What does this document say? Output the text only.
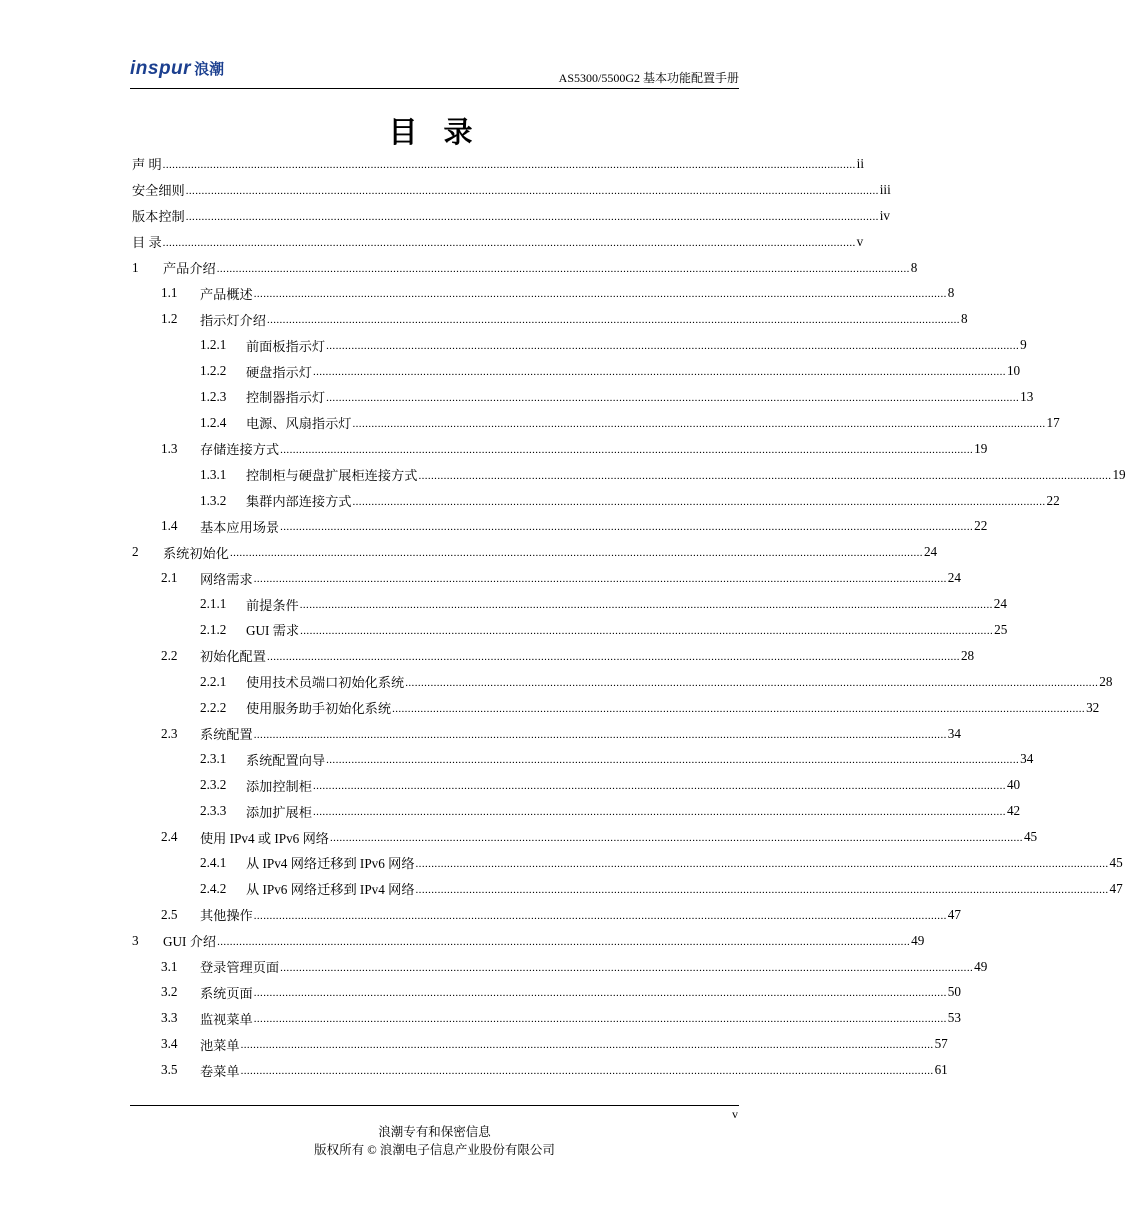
inspur 浪潮	AS5300/5500G2 基本功能配置手册
目 录
声 明 ............................................................................................................................................................................................................................ ii
安全细则 ............................................................................................................................................................................................................................ iii
版本控制 ............................................................................................................................................................................................................................ iv
目 录 ............................................................................................................................................................................................................................ v
1	产品介绍 ............................................................................................................................................................................................................................ 8
1.1	产品概述 ............................................................................................................................................................................................................................ 8
1.2	指示灯介绍 ............................................................................................................................................................................................................................ 8
1.2.1	前面板指示灯 ............................................................................................................................................................................................................................ 9
1.2.2	硬盘指示灯 ............................................................................................................................................................................................................................ 10
1.2.3	控制器指示灯 ............................................................................................................................................................................................................................ 13
1.2.4	电源、风扇指示灯 ............................................................................................................................................................................................................................ 17
1.3	存储连接方式 ............................................................................................................................................................................................................................ 19
1.3.1	控制柜与硬盘扩展柜连接方式 ............................................................................................................................................................................................................................ 19
1.3.2	集群内部连接方式 ............................................................................................................................................................................................................................ 22
1.4	基本应用场景 ............................................................................................................................................................................................................................ 22
2	系统初始化 ............................................................................................................................................................................................................................ 24
2.1	网络需求 ............................................................................................................................................................................................................................ 24
2.1.1	前提条件 ............................................................................................................................................................................................................................ 24
2.1.2	GUI 需求 ............................................................................................................................................................................................................................ 25
2.2	初始化配置 ............................................................................................................................................................................................................................ 28
2.2.1	使用技术员端口初始化系统 ............................................................................................................................................................................................................................ 28
2.2.2	使用服务助手初始化系统 ............................................................................................................................................................................................................................ 32
2.3	系统配置 ............................................................................................................................................................................................................................ 34
2.3.1	系统配置向导 ............................................................................................................................................................................................................................ 34
2.3.2	添加控制柜 ............................................................................................................................................................................................................................ 40
2.3.3	添加扩展柜 ............................................................................................................................................................................................................................ 42
2.4	使用 IPv4 或 IPv6 网络 ............................................................................................................................................................................................................................ 45
2.4.1	从 IPv4 网络迁移到 IPv6 网络 ............................................................................................................................................................................................................................ 45
2.4.2	从 IPv6 网络迁移到 IPv4 网络 ............................................................................................................................................................................................................................ 47
2.5	其他操作 ............................................................................................................................................................................................................................ 47
3	GUI 介绍 ............................................................................................................................................................................................................................ 49
3.1	登录管理页面 ............................................................................................................................................................................................................................ 49
3.2	系统页面 ............................................................................................................................................................................................................................ 50
3.3	监视菜单 ............................................................................................................................................................................................................................ 53
3.4	池菜单 ............................................................................................................................................................................................................................ 57
3.5	卷菜单 ............................................................................................................................................................................................................................ 61
v
浪潮专有和保密信息
版权所有 © 浪潮电子信息产业股份有限公司
